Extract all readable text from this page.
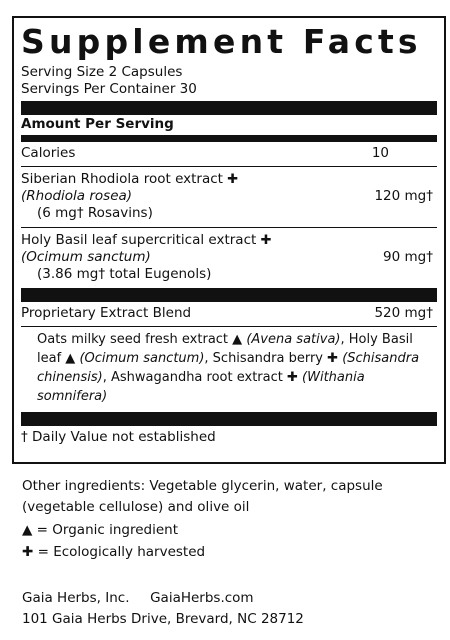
Supplement Facts
Serving Size 2 Capsules
Servings Per Container 30
Amount Per Serving
Calories	10
Siberian Rhodiola root extract ✚
(Rhodiola rosea)
(6 mg† Rosavins)
120 mg†
Holy Basil leaf supercritical extract ✚
(Ocimum sanctum)
(3.86 mg† total Eugenols)
90 mg†
Proprietary Extract Blend	520 mg†
Oats milky seed fresh extract ▲ (Avena sativa), Holy Basil leaf ▲ (Ocimum sanctum), Schisandra berry ✚ (Schisandra chinensis), Ashwagandha root extract ✚ (Withania somnifera)
† Daily Value not established
Other ingredients: Vegetable glycerin, water, capsule (vegetable cellulose) and olive oil
▲ = Organic ingredient
✚ = Ecologically harvested
Gaia Herbs, Inc. GaiaHerbs.com
101 Gaia Herbs Drive, Brevard, NC 28712
